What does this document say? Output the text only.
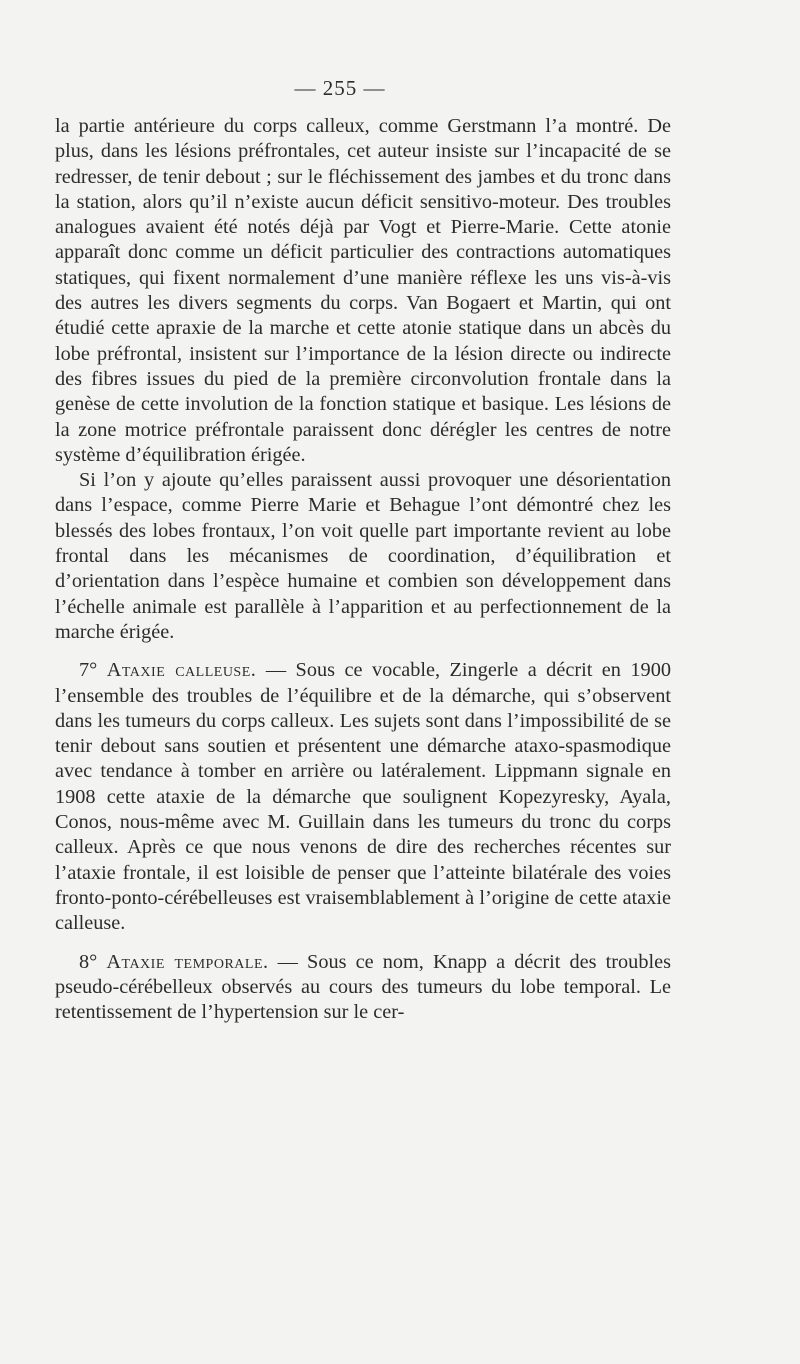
— 255 —

la partie antérieure du corps calleux, comme Gerstmann l’a montré. De plus, dans les lésions préfrontales, cet auteur insiste sur l’incapacité de se redresser, de tenir debout ; sur le fléchissement des jambes et du tronc dans la station, alors qu’il n’existe aucun déficit sensitivo-moteur. Des troubles analogues avaient été notés déjà par Vogt et Pierre-Marie. Cette atonie apparaît donc comme un déficit particulier des contractions automatiques statiques, qui fixent normalement d’une manière réflexe les uns vis-à-vis des autres les divers segments du corps. Van Bogaert et Martin, qui ont étudié cette apraxie de la marche et cette atonie statique dans un abcès du lobe préfrontal, insistent sur l’importance de la lésion directe ou indirecte des fibres issues du pied de la première circonvolution frontale dans la genèse de cette involution de la fonction statique et basique. Les lésions de la zone motrice préfrontale paraissent donc dérégler les centres de notre système d’équilibration érigée.

Si l’on y ajoute qu’elles paraissent aussi provoquer une désorientation dans l’espace, comme Pierre Marie et Behague l’ont démontré chez les blessés des lobes frontaux, l’on voit quelle part importante revient au lobe frontal dans les mécanismes de coordination, d’équilibration et d’orientation dans l’espèce humaine et combien son développement dans l’échelle animale est parallèle à l’apparition et au perfectionnement de la marche érigée.

7° Ataxie calleuse. — Sous ce vocable, Zingerle a décrit en 1900 l’ensemble des troubles de l’équilibre et de la démarche, qui s’observent dans les tumeurs du corps calleux. Les sujets sont dans l’impossibilité de se tenir debout sans soutien et présentent une démarche ataxo-spasmodique avec tendance à tomber en arrière ou latéralement. Lippmann signale en 1908 cette ataxie de la démarche que soulignent Kopezyresky, Ayala, Conos, nous-même avec M. Guillain dans les tumeurs du tronc du corps calleux. Après ce que nous venons de dire des recherches récentes sur l’ataxie frontale, il est loisible de penser que l’atteinte bilatérale des voies fronto-ponto-cérébelleuses est vraisemblablement à l’origine de cette ataxie calleuse.

8° Ataxie temporale. — Sous ce nom, Knapp a décrit des troubles pseudo-cérébelleux observés au cours des tumeurs du lobe temporal. Le retentissement de l’hypertension sur le cer-
